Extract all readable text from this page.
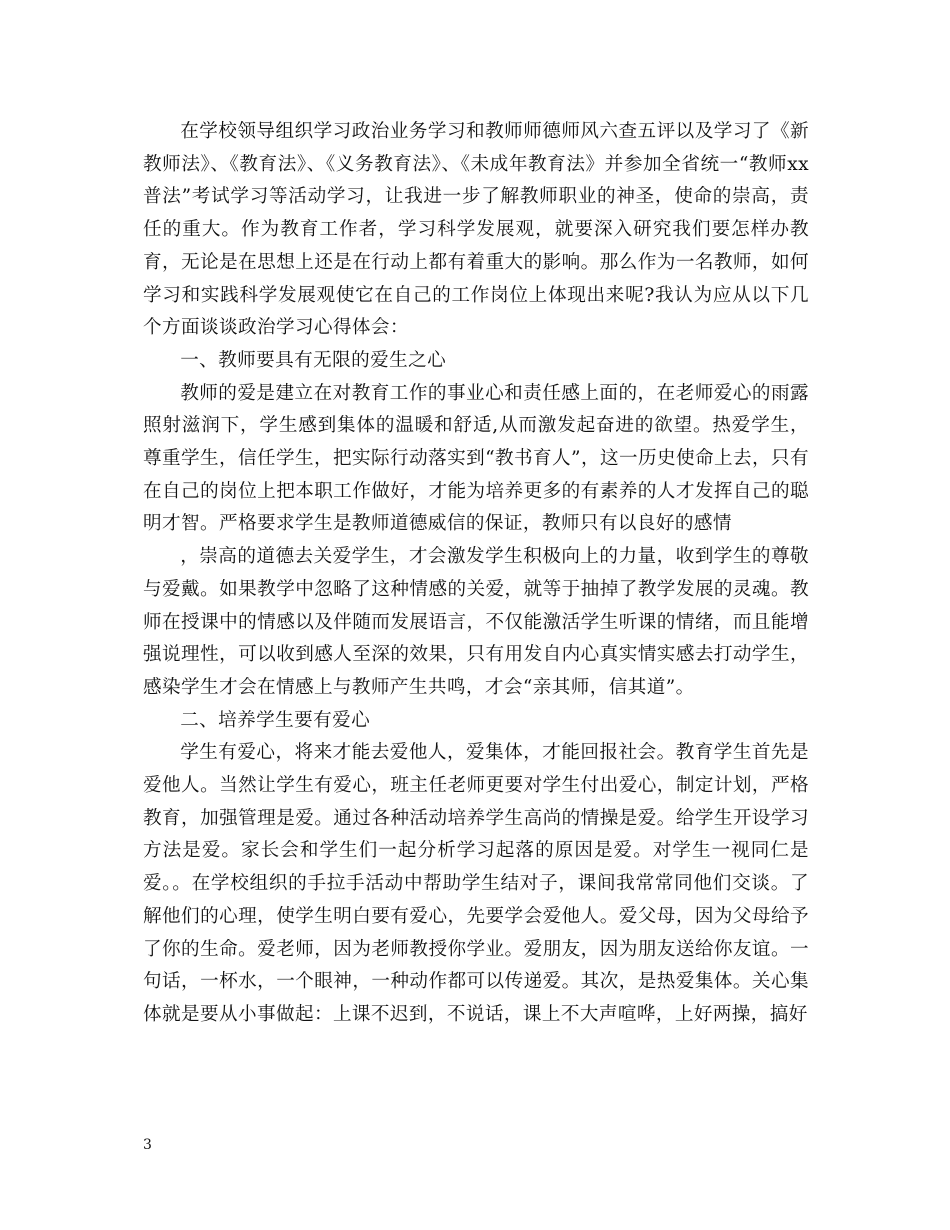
在学校领导组织学习政治业务学习和教师师德师风六查五评以及学习了《新教师法》、《教育法》、《义务教育法》、《未成年教育法》并参加全省统一“教师xx普法”考试学习等活动学习，让我进一步了解教师职业的神圣，使命的崇高，责任的重大。作为教育工作者，学习科学发展观，就要深入研究我们要怎样办教育，无论是在思想上还是在行动上都有着重大的影响。那么作为一名教师，如何学习和实践科学发展观使它在自己的工作岗位上体现出来呢?我认为应从以下几个方面谈谈政治学习心得体会：

一、教师要具有无限的爱生之心

教师的爱是建立在对教育工作的事业心和责任感上面的，在老师爱心的雨露照射滋润下，学生感到集体的温暖和舒适,从而激发起奋进的欲望。热爱学生，尊重学生，信任学生，把实际行动落实到“教书育人”，这一历史使命上去，只有在自己的岗位上把本职工作做好，才能为培养更多的有素养的人才发挥自己的聪明才智。严格要求学生是教师道德威信的保证，教师只有以良好的感情

，崇高的道德去关爱学生，才会激发学生积极向上的力量，收到学生的尊敬与爱戴。如果教学中忽略了这种情感的关爱，就等于抽掉了教学发展的灵魂。教师在授课中的情感以及伴随而发展语言，不仅能激活学生听课的情绪，而且能增强说理性，可以收到感人至深的效果，只有用发自内心真实情实感去打动学生，感染学生才会在情感上与教师产生共鸣，才会“亲其师，信其道”。

二、培养学生要有爱心

学生有爱心，将来才能去爱他人，爱集体，才能回报社会。教育学生首先是爱他人。当然让学生有爱心，班主任老师更要对学生付出爱心，制定计划，严格教育，加强管理是爱。通过各种活动培养学生高尚的情操是爱。给学生开设学习方法是爱。家长会和学生们一起分析学习起落的原因是爱。对学生一视同仁是爱。。在学校组织的手拉手活动中帮助学生结对子，课间我常常同他们交谈。了解他们的心理，使学生明白要有爱心，先要学会爱他人。爱父母，因为父母给予了你的生命。爱老师，因为老师教授你学业。爱朋友，因为朋友送给你友谊。一句话，一杯水，一个眼神，一种动作都可以传递爱。其次，是热爱集体。关心集体就是要从小事做起：上课不迟到，不说话，课上不大声喧哗，上好两操，搞好

3
